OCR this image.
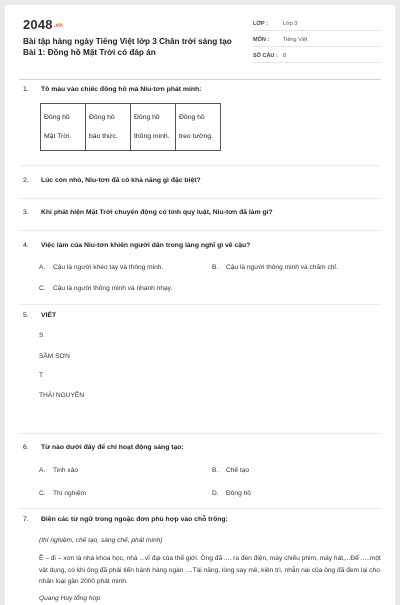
2048.vn
Bài tập hàng ngày Tiếng Việt lớp 3 Chân trời sáng tạo Bài 1: Đồng hồ Mặt Trời có đáp án
LỚP :	Lớp 3
MÔN :	Tiếng Việt
SỐ CÂU : 8
1.	Tô màu vào chiếc đồng hồ mà Niu-tơn phát minh:
Đồng hồ Mặt Trời.	Đồng hồ báo thức.	Đồng hồ thông minh.	Đồng hồ treo tường.
2.	Lúc còn nhỏ, Niu-tơn đã có khả năng gì đặc biệt?
3.	Khi phát hiện Mặt Trời chuyển động có tính quy luật, Niu-tơn đã làm gì?
4.	Việc làm của Niu-tơn khiến người dân trong làng nghĩ gì về cậu?
A. Cậu là người khéo tay và thông minh.	B. Cậu là người thông minh và chăm chỉ.
C. Cậu là người thông minh và nhanh nhạy.
5.	VIẾT
S
SẦM SƠN
T
THÁI NGUYÊN
6.	Từ nào dưới đây để chỉ hoạt động sáng tạo:
A. Tinh xảo	B. Chế tạo
C. Thí nghiệm	D. Đồng hồ
7.	Điền các từ ngữ trong ngoặc đơn phù hợp vào chỗ trống:
(thí nghiệm, chế tạo, sáng chế, phát minh)
Ê – đi – xơn là nhà khoa học, nhà ...vĩ đại của thế giới. Ông đã .... ra đèn điện, máy chiếu phim, máy hát,...Để .....một vật dụng, có khi ông đã phải tiến hành hàng ngàn ....Tài năng, lòng say mê, kiên trì, nhẫn nại của ông đã đem lại cho nhân loại gần 2000 phát minh.
Quang Huy tổng hợp
